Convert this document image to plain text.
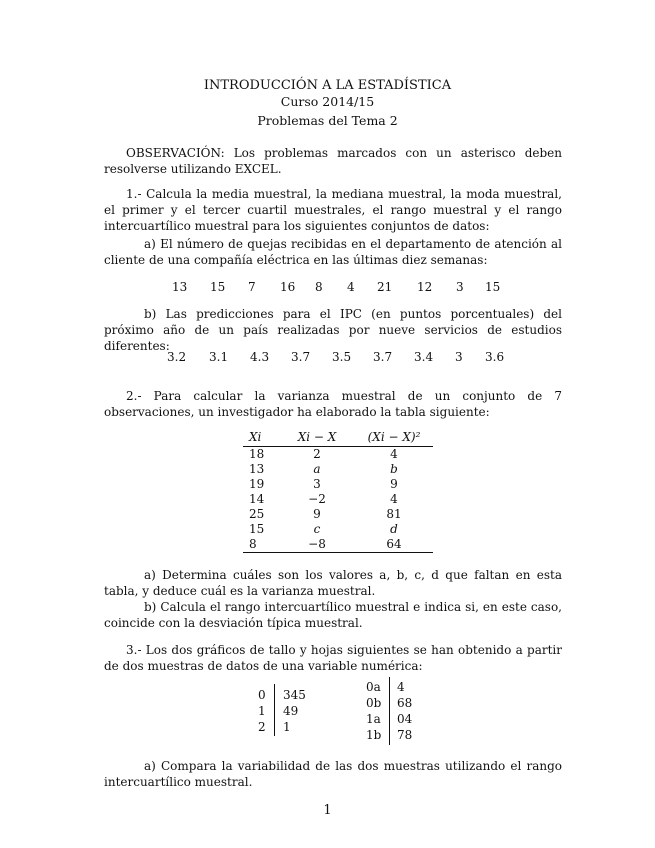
INTRODUCCIÓN A LA ESTADÍSTICA
Curso 2014/15
Problemas del Tema 2
OBSERVACIÓN: Los problemas marcados con un asterisco deben resolverse utilizando EXCEL.
1.- Calcula la media muestral, la mediana muestral, la moda muestral, el primer y el tercer cuartil muestrales, el rango muestral y el rango intercuartílico muestral para los siguientes conjuntos de datos:
a) El número de quejas recibidas en el departamento de atención al cliente de una compañía eléctrica en las últimas diez semanas:
13 15 7 16 8 4 21 12 3 15
b) Las predicciones para el IPC (en puntos porcentuales) del próximo año de un país realizadas por nueve servicios de estudios diferentes:
3.2 3.1 4.3 3.7 3.5 3.7 3.4 3 3.6
2.- Para calcular la varianza muestral de un conjunto de 7 observaciones, un investigador ha elaborado la tabla siguiente:
Xi	Xi − X	(Xi − X)²
18	2	4
13	a	b
19	3	9
14	−2	4
25	9	81
15	c	d
8	−8	64
a) Determina cuáles son los valores a, b, c, d que faltan en esta tabla, y deduce cuál es la varianza muestral.
b) Calcula el rango intercuartílico muestral e indica si, en este caso, coincide con la desviación típica muestral.
3.- Los dos gráficos de tallo y hojas siguientes se han obtenido a partir de dos muestras de datos de una variable numérica:
0 345
1 49
2 1
0a 4
0b 68
1a 04
1b 78
a) Compara la variabilidad de las dos muestras utilizando el rango intercuartílico muestral.
1
